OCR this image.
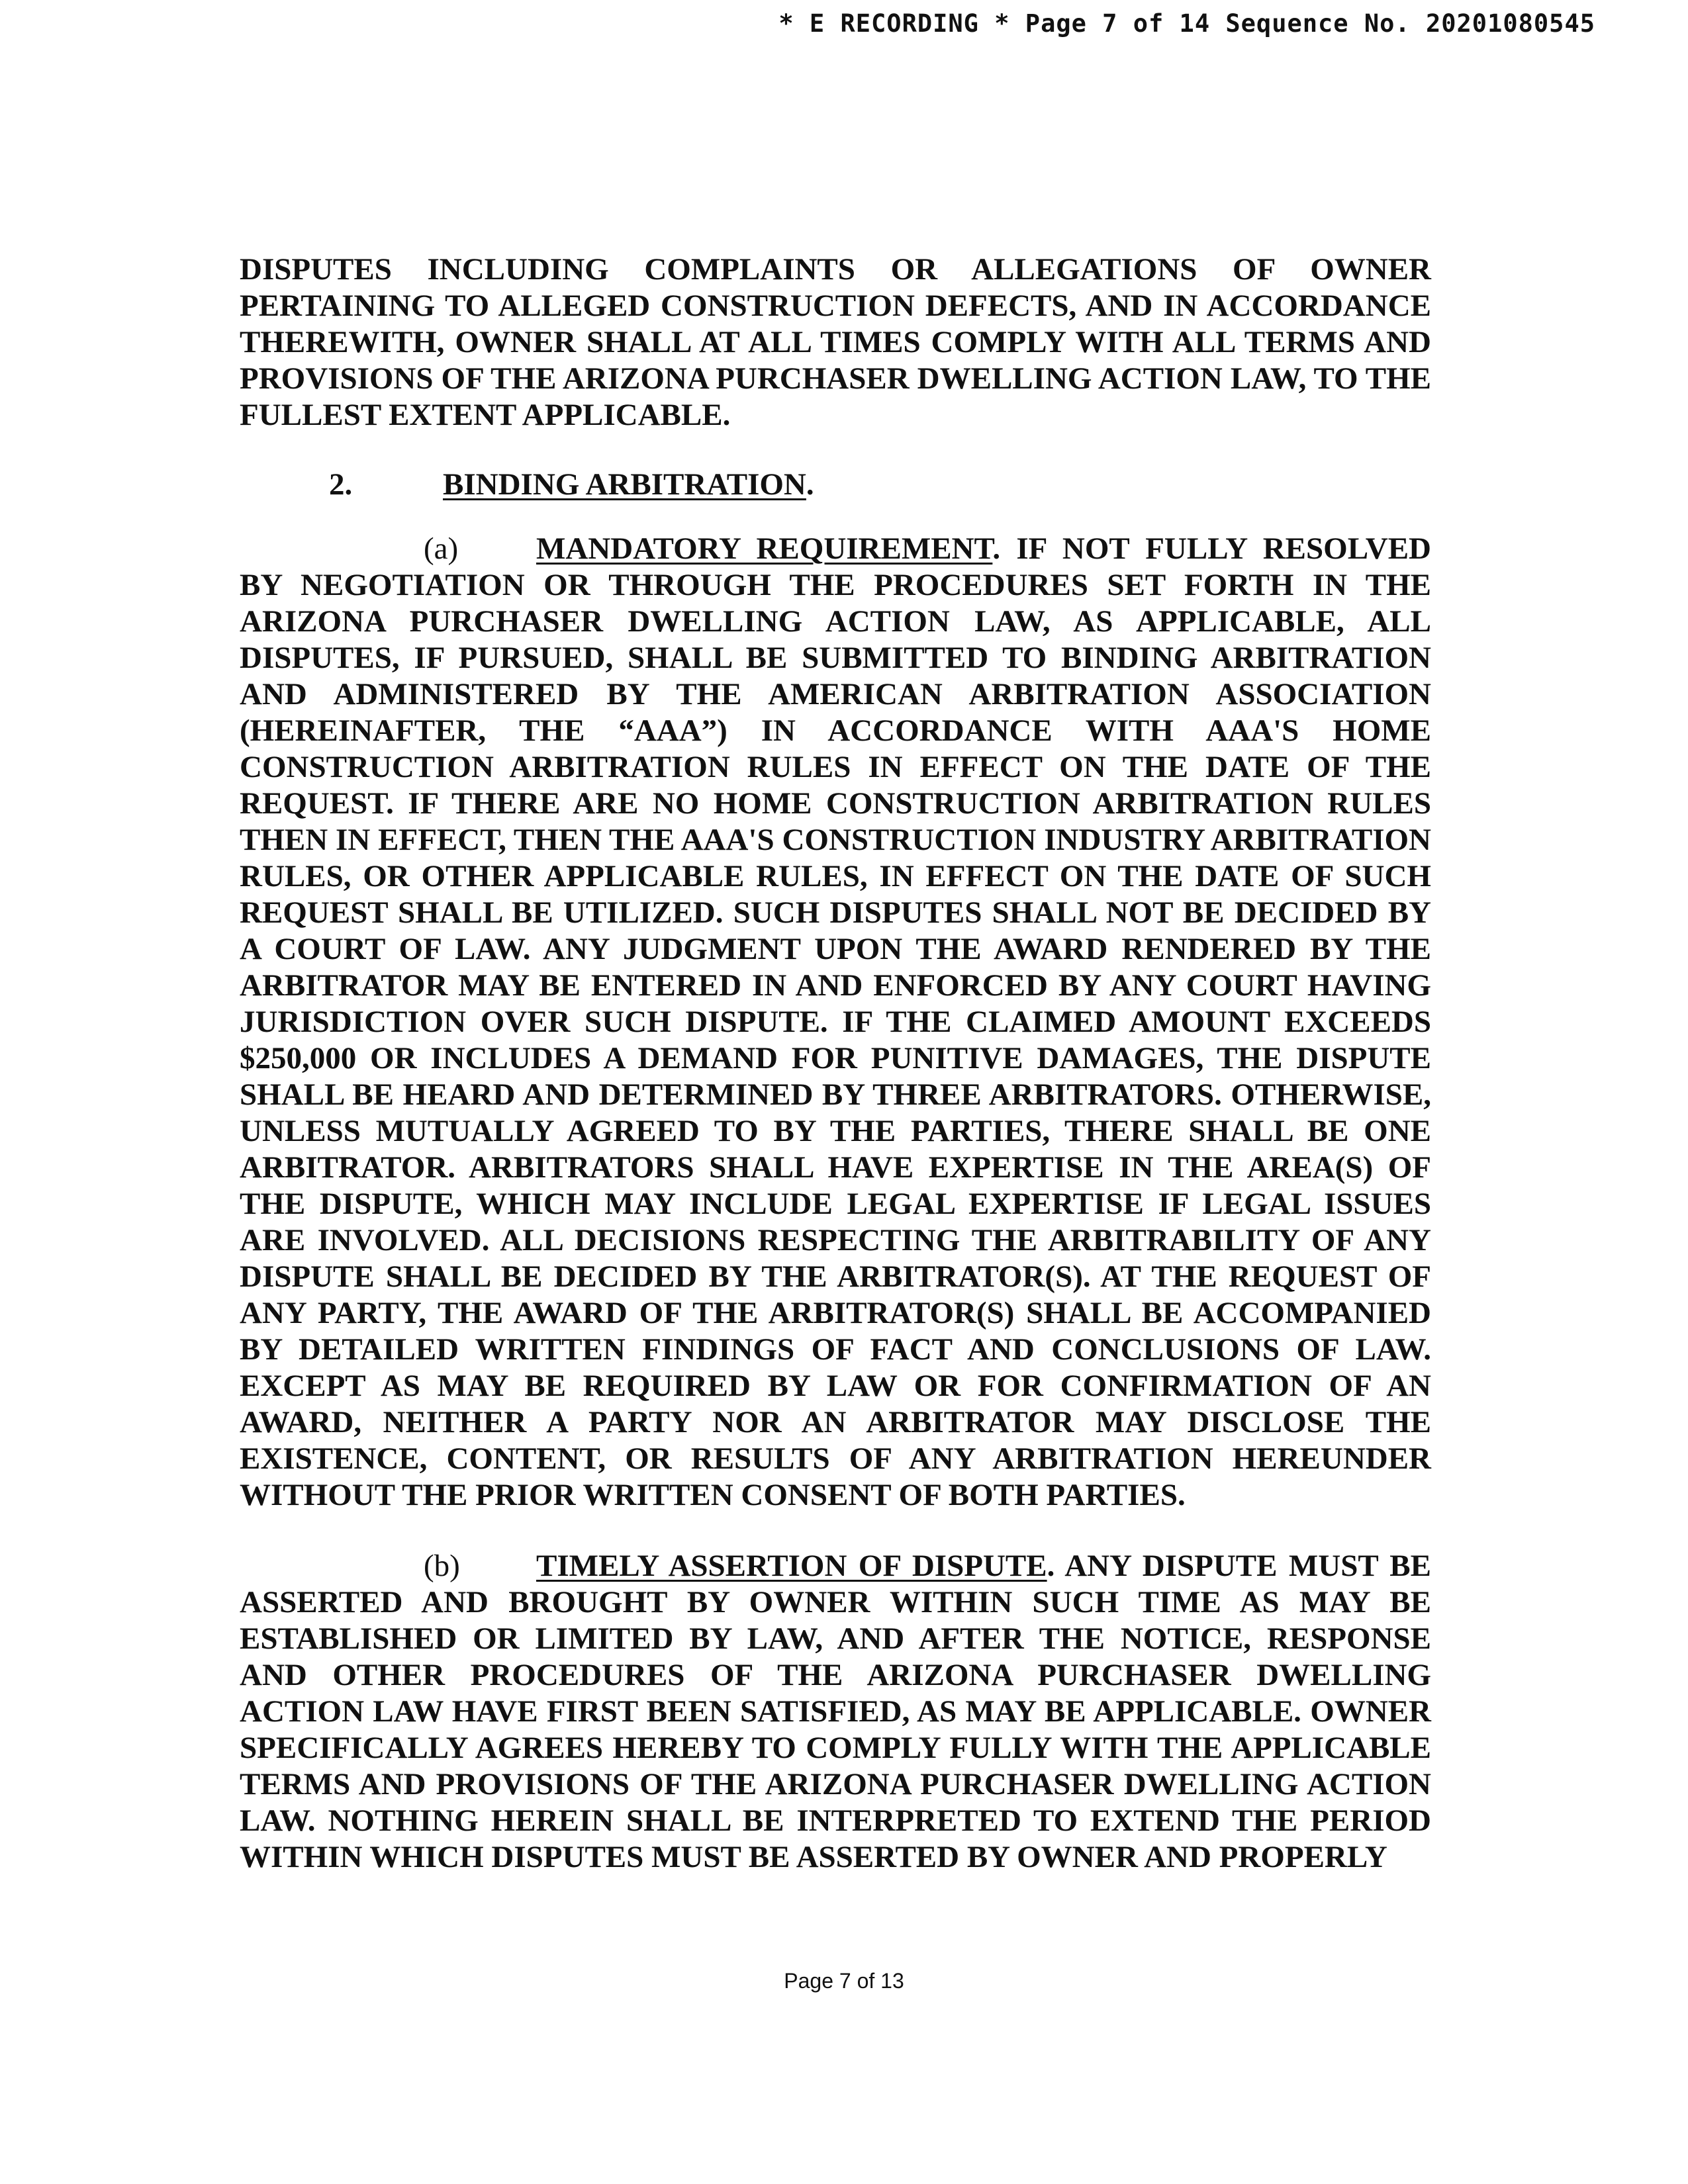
* E RECORDING * Page 7 of 14 Sequence No. 20201080545

DISPUTES INCLUDING COMPLAINTS OR ALLEGATIONS OF OWNER PERTAINING TO ALLEGED CONSTRUCTION DEFECTS, AND IN ACCORDANCE THEREWITH, OWNER SHALL AT ALL TIMES COMPLY WITH ALL TERMS AND PROVISIONS OF THE ARIZONA PURCHASER DWELLING ACTION LAW, TO THE FULLEST EXTENT APPLICABLE.

2.	BINDING ARBITRATION.

(a)	MANDATORY REQUIREMENT. IF NOT FULLY RESOLVED BY NEGOTIATION OR THROUGH THE PROCEDURES SET FORTH IN THE ARIZONA PURCHASER DWELLING ACTION LAW, AS APPLICABLE, ALL DISPUTES, IF PURSUED, SHALL BE SUBMITTED TO BINDING ARBITRATION AND ADMINISTERED BY THE AMERICAN ARBITRATION ASSOCIATION (HEREINAFTER, THE “AAA”) IN ACCORDANCE WITH AAA'S HOME CONSTRUCTION ARBITRATION RULES IN EFFECT ON THE DATE OF THE REQUEST. IF THERE ARE NO HOME CONSTRUCTION ARBITRATION RULES THEN IN EFFECT, THEN THE AAA'S CONSTRUCTION INDUSTRY ARBITRATION RULES, OR OTHER APPLICABLE RULES, IN EFFECT ON THE DATE OF SUCH REQUEST SHALL BE UTILIZED. SUCH DISPUTES SHALL NOT BE DECIDED BY A COURT OF LAW. ANY JUDGMENT UPON THE AWARD RENDERED BY THE ARBITRATOR MAY BE ENTERED IN AND ENFORCED BY ANY COURT HAVING JURISDICTION OVER SUCH DISPUTE. IF THE CLAIMED AMOUNT EXCEEDS $250,000 OR INCLUDES A DEMAND FOR PUNITIVE DAMAGES, THE DISPUTE SHALL BE HEARD AND DETERMINED BY THREE ARBITRATORS. OTHERWISE, UNLESS MUTUALLY AGREED TO BY THE PARTIES, THERE SHALL BE ONE ARBITRATOR. ARBITRATORS SHALL HAVE EXPERTISE IN THE AREA(S) OF THE DISPUTE, WHICH MAY INCLUDE LEGAL EXPERTISE IF LEGAL ISSUES ARE INVOLVED. ALL DECISIONS RESPECTING THE ARBITRABILITY OF ANY DISPUTE SHALL BE DECIDED BY THE ARBITRATOR(S). AT THE REQUEST OF ANY PARTY, THE AWARD OF THE ARBITRATOR(S) SHALL BE ACCOMPANIED BY DETAILED WRITTEN FINDINGS OF FACT AND CONCLUSIONS OF LAW. EXCEPT AS MAY BE REQUIRED BY LAW OR FOR CONFIRMATION OF AN AWARD, NEITHER A PARTY NOR AN ARBITRATOR MAY DISCLOSE THE EXISTENCE, CONTENT, OR RESULTS OF ANY ARBITRATION HEREUNDER WITHOUT THE PRIOR WRITTEN CONSENT OF BOTH PARTIES.

(b) TIMELY ASSERTION OF DISPUTE. ANY DISPUTE MUST BE ASSERTED AND BROUGHT BY OWNER WITHIN SUCH TIME AS MAY BE ESTABLISHED OR LIMITED BY LAW, AND AFTER THE NOTICE, RESPONSE AND OTHER PROCEDURES OF THE ARIZONA PURCHASER DWELLING ACTION LAW HAVE FIRST BEEN SATISFIED, AS MAY BE APPLICABLE. OWNER SPECIFICALLY AGREES HEREBY TO COMPLY FULLY WITH THE APPLICABLE TERMS AND PROVISIONS OF THE ARIZONA PURCHASER DWELLING ACTION LAW. NOTHING HEREIN SHALL BE INTERPRETED TO EXTEND THE PERIOD WITHIN WHICH DISPUTES MUST BE ASSERTED BY OWNER AND PROPERLY

Page 7 of 13
